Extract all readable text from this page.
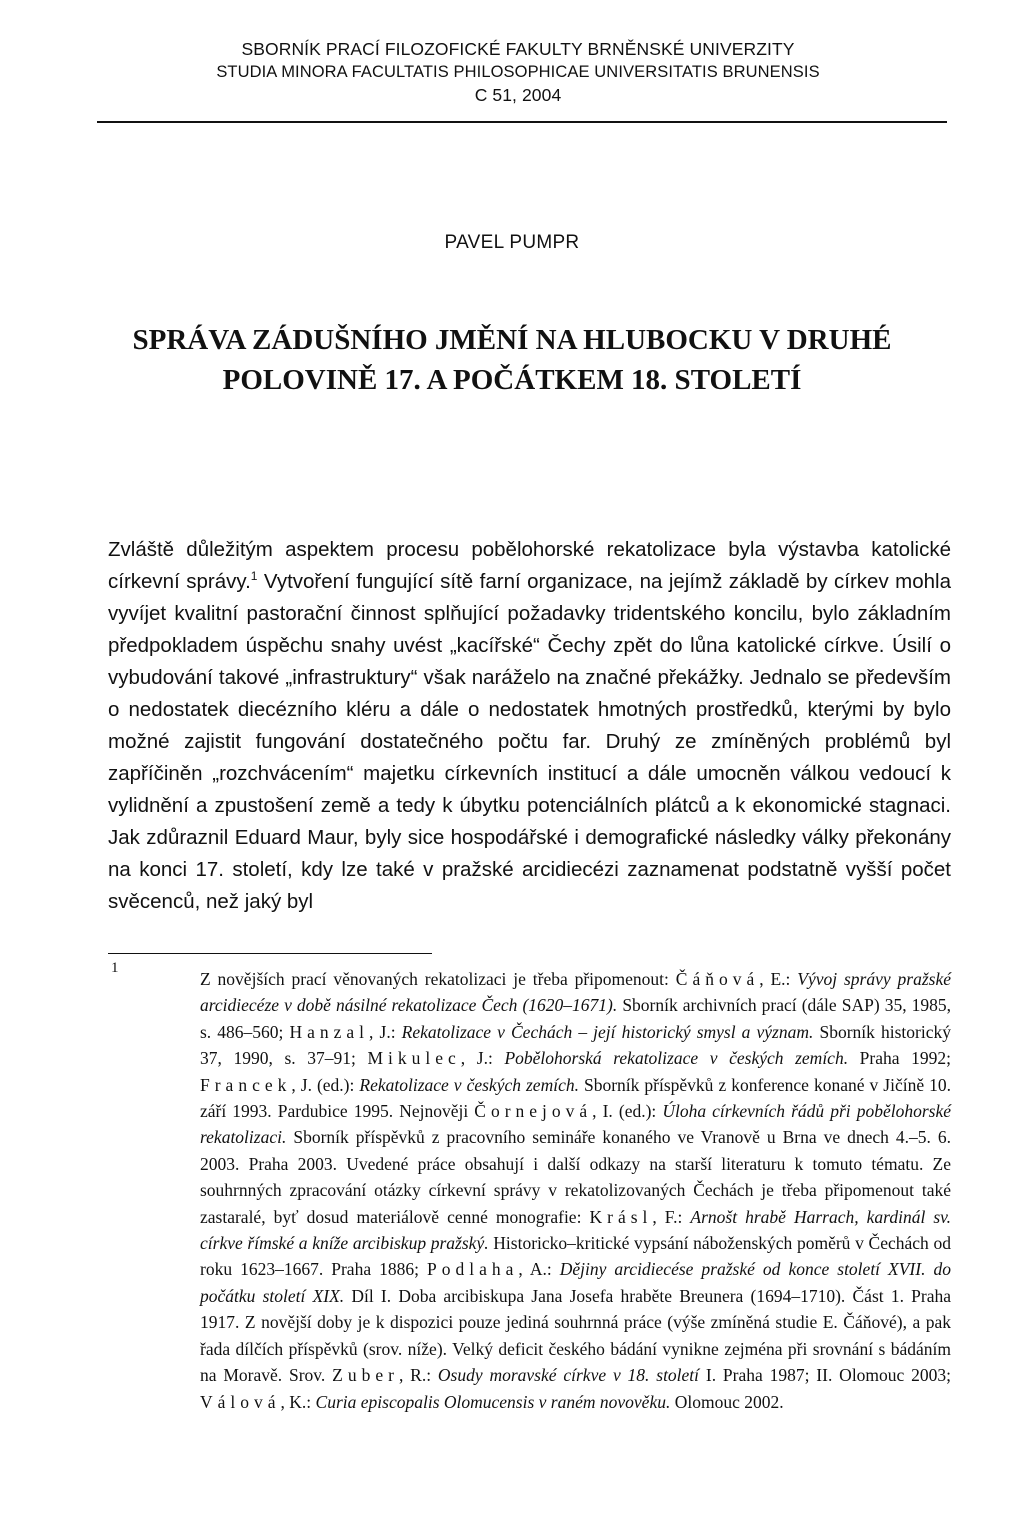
SBORNÍK PRACÍ FILOZOFICKÉ FAKULTY BRNĚNSKÉ UNIVERZITY
STUDIA MINORA FACULTATIS PHILOSOPHICAE UNIVERSITATIS BRUNENSIS
C 51, 2004
PAVEL PUMPR
SPRÁVA ZÁDUŠNÍHO JMĚNÍ NA HLUBOCKU V DRUHÉ
POLOVINĚ 17. A POČÁTKEM 18. STOLETÍ
Zvláště důležitým aspektem procesu pobělohorské rekatolizace byla výstavba katolické církevní správy.$^1$ Vytvoření fungující sítě farní organizace, na jejímž základě by církev mohla vyvíjet kvalitní pastorační činnost splňující požadavky tridentského koncilu, bylo základním předpokladem úspěchu snahy uvést „kacířské“ Čechy zpět do lůna katolické církve. Úsilí o vybudování takové „infrastruktury“ však naráželo na značné překážky. Jednalo se především o nedostatek diecézního kléru a dále o nedostatek hmotných prostředků, kterými by bylo možné zajistit fungování dostatečného počtu far. Druhý ze zmíněných problémů byl zapříčiněn „rozchvácením“ majetku církevních institucí a dále umocněn válkou vedoucí k vylidnění a zpustošení země a tedy k úbytku potenciálních plátců a k ekonomické stagnaci. Jak zdůraznil Eduard Maur, byly sice hospodářské i demografické následky války překonány na konci 17. století, kdy lze také v pražské arcidiecézi zaznamenat podstatně vyšší počet svěcenců, než jaký byl
1
Z novějších prací věnovaných rekatolizaci je třeba připomenout: Čáňová, E.: Vývoj správy pražské arcidiecéze v době násilné rekatolizace Čech (1620–1671). Sborník archivních prací (dále SAP) 35, 1985, s. 486–560; Hanzal, J.: Rekatolizace v Čechách – její historický smysl a význam. Sborník historický 37, 1990, s. 37–91; Mikulec, J.: Pobělohorská rekatolizace v českých zemích. Praha 1992; Francek, J. (ed.): Rekatolizace v českých zemích. Sborník příspěvků z konference konané v Jičíně 10. září 1993. Pardubice 1995. Nejnověji Čornejová, I. (ed.): Úloha církevních řádů při pobělohorské rekatolizaci. Sborník příspěvků z pracovního semináře konaného ve Vranově u Brna ve dnech 4.–5. 6. 2003. Praha 2003. Uvedené práce obsahují i další odkazy na starší literaturu k tomuto tématu. Ze souhrnných zpracování otázky církevní správy v rekatolizovaných Čechách je třeba připomenout také zastaralé, byť dosud materiálově cenné monografie: Krásl, F.: Arnošt hrabě Harrach, kardinál sv. církve římské a kníže arcibiskup pražský. Historicko–kritické vypsání náboženských poměrů v Čechách od roku 1623–1667. Praha 1886; Podlaha, A.: Dějiny arcidiecése pražské od konce století XVII. do počátku století XIX. Díl I. Doba arcibiskupa Jana Josefa hraběte Breunera (1694–1710). Část 1. Praha 1917. Z novější doby je k dispozici pouze jediná souhrnná práce (výše zmíněná studie E. Čáňové), a pak řada dílčích příspěvků (srov. níže). Velký deficit českého bádání vynikne zejména při srovnání s bádáním na Moravě. Srov. Zuber, R.: Osudy moravské církve v 18. století I. Praha 1987; II. Olomouc 2003; Válová, K.: Curia episcopalis Olomucensis v raném novověku. Olomouc 2002.
